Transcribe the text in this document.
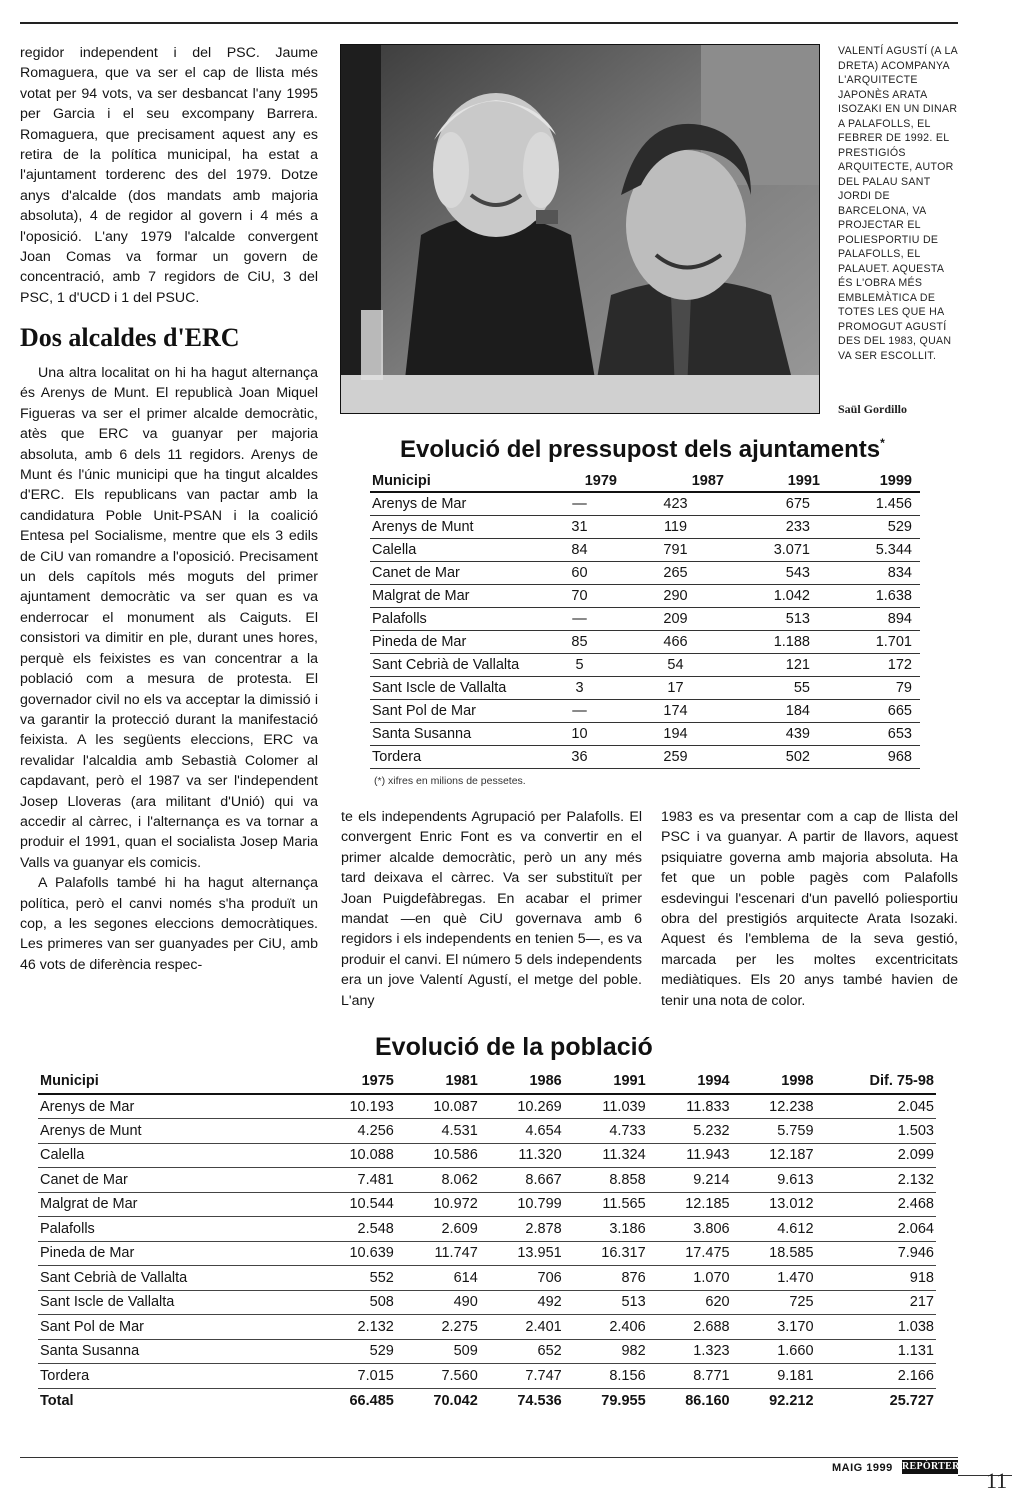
regidor independent i del PSC. Jaume Romaguera, que va ser el cap de llista més votat per 94 vots, va ser desbancat l'any 1995 per Garcia i el seu excompany Barrera. Romaguera, que precisament aquest any es retira de la política municipal, ha estat a l'ajuntament torderenc des del 1979. Dotze anys d'alcalde (dos mandats amb majoria absoluta), 4 de regidor al govern i 4 més a l'oposició. L'any 1979 l'alcalde convergent Joan Comas va formar un govern de concentració, amb 7 regidors de CiU, 3 del PSC, 1 d'UCD i 1 del PSUC.

Dos alcaldes d'ERC

Una altra localitat on hi ha hagut alternança és Arenys de Munt. El republicà Joan Miquel Figueras va ser el primer alcalde democràtic, atès que ERC va guanyar per majoria absoluta, amb 6 dels 11 regidors. Arenys de Munt és l'únic municipi que ha tingut alcaldes d'ERC. Els republicans van pactar amb la candidatura Poble Unit-PSAN i la coalició Entesa pel Socialisme, mentre que els 3 edils de CiU van romandre a l'oposició. Precisament un dels capítols més moguts del primer ajuntament democràtic va ser quan es va enderrocar el monument als Caiguts. El consistori va dimitir en ple, durant unes hores, perquè els feixistes es van concentrar a la població com a mesura de protesta. El governador civil no els va acceptar la dimissió i va garantir la protecció durant la manifestació feixista. A les següents eleccions, ERC va revalidar l'alcaldia amb Sebastià Colomer al capdavant, però el 1987 va ser l'independent Josep Lloveras (ara militant d'Unió) qui va accedir al càrrec, i l'alternança es va tornar a produir el 1991, quan el socialista Josep Maria Valls va guanyar els comicis.

A Palafolls també hi ha hagut alternança política, però el canvi només s'ha produït un cop, a les segones eleccions democràtiques. Les primeres van ser guanyades per CiU, amb 46 vots de diferència respec-

VALENTÍ AGUSTÍ (A LA DRETA) ACOMPANYA L'ARQUITECTE JAPONÈS ARATA ISOZAKI EN UN DINAR A PALAFOLLS, EL FEBRER DE 1992. EL PRESTIGIÓS ARQUITECTE, AUTOR DEL PALAU SANT JORDI DE BARCELONA, VA PROJECTAR EL POLIESPORTIU DE PALAFOLLS, EL PALAUET. AQUESTA ÉS L'OBRA MÉS EMBLEMÀTICA DE TOTES LES QUE HA PROMOGUT AGUSTÍ DES DEL 1983, QUAN VA SER ESCOLLIT.
Saül Gordillo
Evolució del pressupost dels ajuntaments*
Municipi	1979	1987	1991	1999
Arenys de Mar	—	423	675	1.456
Arenys de Munt	31	119	233	529
Calella	84	791	3.071	5.344
Canet de Mar	60	265	543	834
Malgrat de Mar	70	290	1.042	1.638
Palafolls	—	209	513	894
Pineda de Mar	85	466	1.188	1.701
Sant Cebrià de Vallalta	5	54	121	172
Sant Iscle de Vallalta	3	17	55	79
Sant Pol de Mar	—	174	184	665
Santa Susanna	10	194	439	653
Tordera	36	259	502	968
(*) xifres en milions de pessetes.

te els independents Agrupació per Palafolls. El convergent Enric Font es va convertir en el primer alcalde democràtic, però un any més tard deixava el càrrec. Va ser substituït per Joan Puigdefàbregas. En acabar el primer mandat —en què CiU governava amb 6 regidors i els independents en tenien 5—, es va produir el canvi. El número 5 dels independents era un jove Valentí Agustí, el metge del poble. L'any

1983 es va presentar com a cap de llista del PSC i va guanyar. A partir de llavors, aquest psiquiatre governa amb majoria absoluta. Ha fet que un poble pagès com Palafolls esdevingui l'escenari d'un pavelló poliesportiu obra del prestigiós arquitecte Arata Isozaki. Aquest és l'emblema de la seva gestió, marcada per les moltes excentricitats mediàtiques. Els 20 anys també havien de tenir una nota de color.

Evolució de la població
Municipi	1975	1981	1986	1991	1994	1998	Dif. 75-98
Arenys de Mar	10.193	10.087	10.269	11.039	11.833	12.238	2.045
Arenys de Munt	4.256	4.531	4.654	4.733	5.232	5.759	1.503
Calella	10.088	10.586	11.320	11.324	11.943	12.187	2.099
Canet de Mar	7.481	8.062	8.667	8.858	9.214	9.613	2.132
Malgrat de Mar	10.544	10.972	10.799	11.565	12.185	13.012	2.468
Palafolls	2.548	2.609	2.878	3.186	3.806	4.612	2.064
Pineda de Mar	10.639	11.747	13.951	16.317	17.475	18.585	7.946
Sant Cebrià de Vallalta	552	614	706	876	1.070	1.470	918
Sant Iscle de Vallalta	508	490	492	513	620	725	217
Sant Pol de Mar	2.132	2.275	2.401	2.406	2.688	3.170	1.038
Santa Susanna	529	509	652	982	1.323	1.660	1.131
Tordera	7.015	7.560	7.747	8.156	8.771	9.181	2.166
Total	66.485	70.042	74.536	79.955	86.160	92.212	25.727
MAIG 1999 REPÒRTER
11
